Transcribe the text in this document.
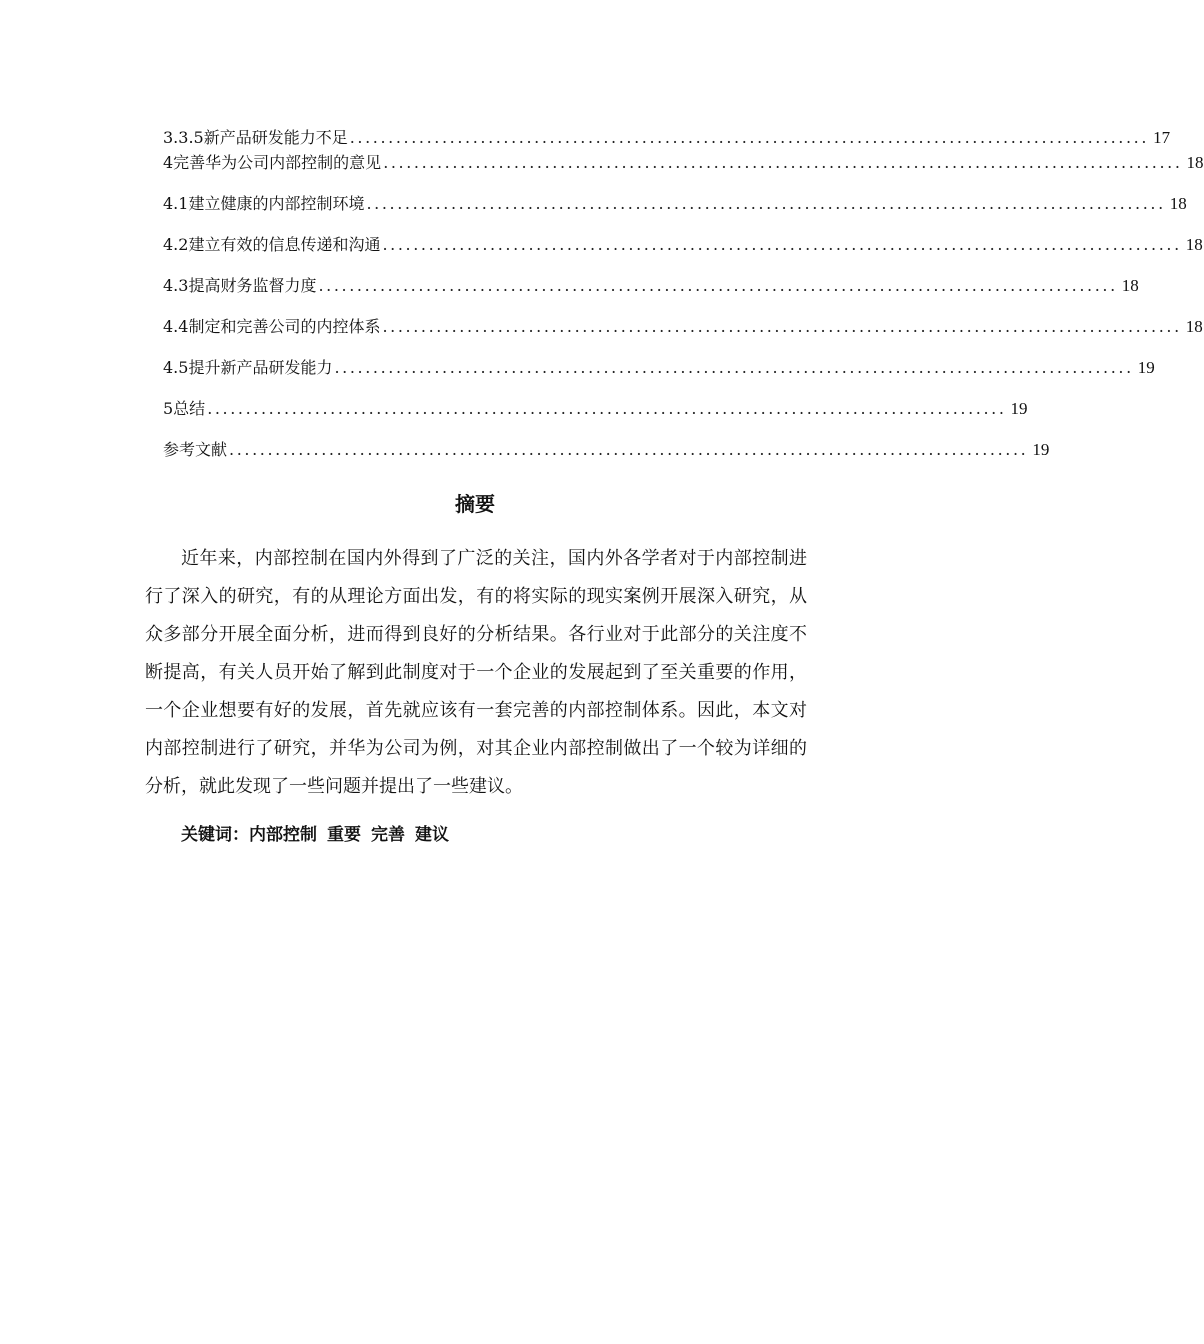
3.3.5新产品研发能力不足 ........................................................................................................ 17
4完善华为公司内部控制的意见 ........................................................................................................ 18
4.1建立健康的内部控制环境 ........................................................................................................ 18
4.2建立有效的信息传递和沟通 ........................................................................................................ 18
4.3提高财务监督力度 ........................................................................................................ 18
4.4制定和完善公司的内控体系 ........................................................................................................ 18
4.5提升新产品研发能力 ........................................................................................................ 19
5总结 ........................................................................................................ 19
参考文献 ........................................................................................................ 19
摘要

近年来，内部控制在国内外得到了广泛的关注，国内外各学者对于内部控制进行了深入的研究，有的从理论方面出发，有的将实际的现实案例开展深入研究，从众多部分开展全面分析，进而得到良好的分析结果。各行业对于此部分的关注度不断提高，有关人员开始了解到此制度对于一个企业的发展起到了至关重要的作用，一个企业想要有好的发展，首先就应该有一套完善的内部控制体系。因此，本文对内部控制进行了研究，并华为公司为例，对其企业内部控制做出了一个较为详细的分析，就此发现了一些问题并提出了一些建议。

关键词：内部控制 重要 完善 建议
